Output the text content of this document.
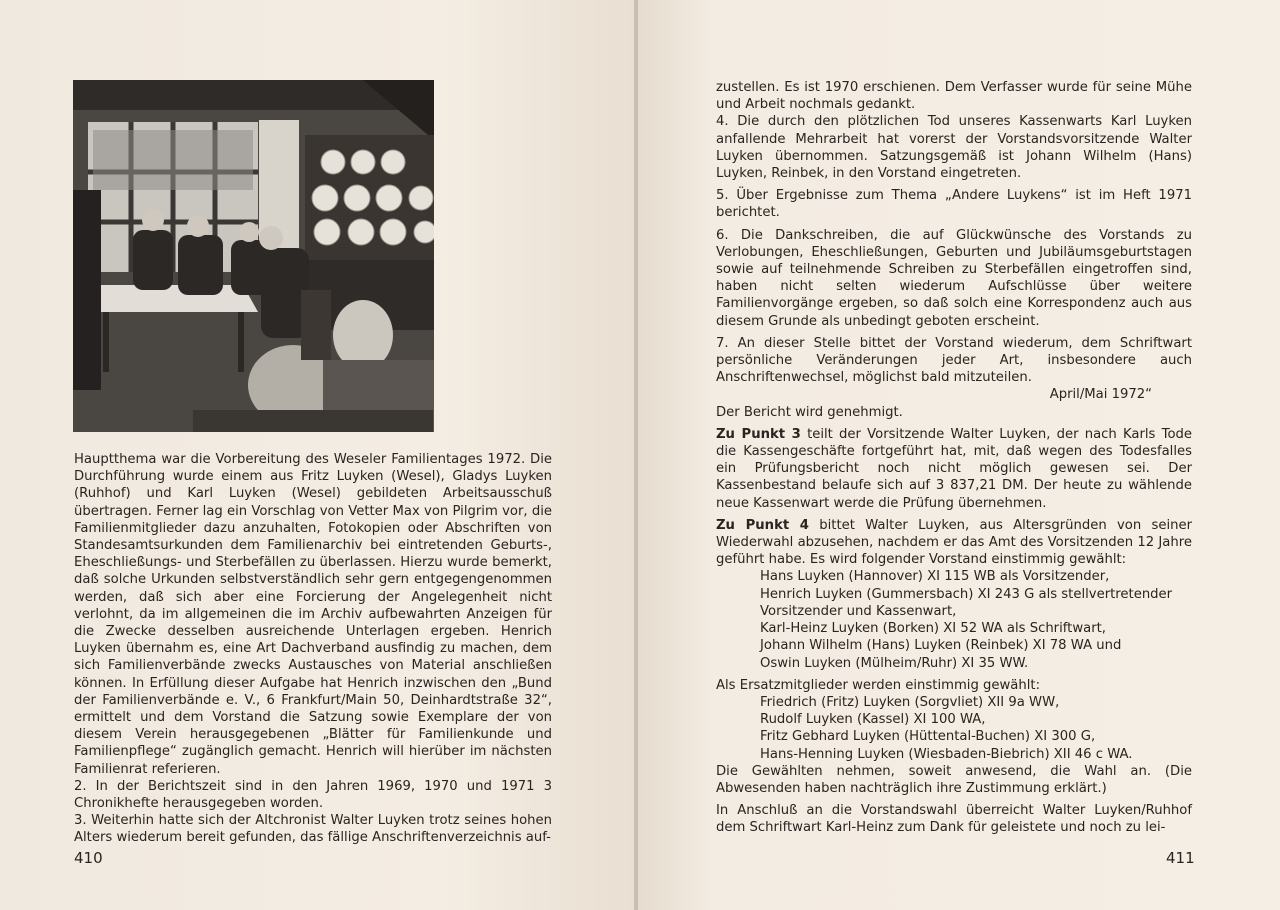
Hauptthema war die Vorbereitung des Weseler Familientages 1972. Die Durchführung wurde einem aus Fritz Luyken (Wesel), Gladys Luyken (Ruhhof) und Karl Luyken (Wesel) gebildeten Arbeitsausschuß übertragen. Ferner lag ein Vorschlag von Vetter Max von Pilgrim vor, die Familienmitglieder dazu anzuhalten, Fotokopien oder Abschriften von Standesamtsurkunden dem Familienarchiv bei eintretenden Geburts-, Eheschließungs- und Sterbefällen zu überlassen. Hierzu wurde bemerkt, daß solche Urkunden selbstverständlich sehr gern entgegengenommen werden, daß sich aber eine Forcierung der Angelegenheit nicht verlohnt, da im allgemeinen die im Archiv aufbewahrten Anzeigen für die Zwecke desselben ausreichende Unterlagen ergeben. Henrich Luyken übernahm es, eine Art Dachverband ausfindig zu machen, dem sich Familienverbände zwecks Austausches von Material anschließen können. In Erfüllung dieser Aufgabe hat Henrich inzwischen den „Bund der Familienverbände e. V., 6 Frankfurt/Main 50, Deinhardtstraße 32“, ermittelt und dem Vorstand die Satzung sowie Exemplare der von diesem Verein herausgegebenen „Blätter für Familienkunde und Familienpflege“ zugänglich gemacht. Henrich will hierüber im nächsten Familienrat referieren.

2. In der Berichtszeit sind in den Jahren 1969, 1970 und 1971 3 Chronikhefte herausgegeben worden.

3. Weiterhin hatte sich der Altchronist Walter Luyken trotz seines hohen Alters wiederum bereit gefunden, das fällige Anschriftenverzeichnis auf-

410

zustellen. Es ist 1970 erschienen. Dem Verfasser wurde für seine Mühe und Arbeit nochmals gedankt.

4. Die durch den plötzlichen Tod unseres Kassenwarts Karl Luyken anfallende Mehrarbeit hat vorerst der Vorstandsvorsitzende Walter Luyken übernommen. Satzungsgemäß ist Johann Wilhelm (Hans) Luyken, Reinbek, in den Vorstand eingetreten.

5. Über Ergebnisse zum Thema „Andere Luykens“ ist im Heft 1971 berichtet.

6. Die Dankschreiben, die auf Glückwünsche des Vorstands zu Verlobungen, Eheschließungen, Geburten und Jubiläumsgeburtstagen sowie auf teilnehmende Schreiben zu Sterbefällen eingetroffen sind, haben nicht selten wiederum Aufschlüsse über weitere Familienvorgänge ergeben, so daß solch eine Korrespondenz auch aus diesem Grunde als unbedingt geboten erscheint.

7. An dieser Stelle bittet der Vorstand wiederum, dem Schriftwart persönliche Veränderungen jeder Art, insbesondere auch Anschriftenwechsel, möglichst bald mitzuteilen.

April/Mai 1972“

Der Bericht wird genehmigt.

Zu Punkt 3 teilt der Vorsitzende Walter Luyken, der nach Karls Tode die Kassengeschäfte fortgeführt hat, mit, daß wegen des Todesfalles ein Prüfungsbericht noch nicht möglich gewesen sei. Der Kassenbestand belaufe sich auf 3 837,21 DM. Der heute zu wählende neue Kassenwart werde die Prüfung übernehmen.

Zu Punkt 4 bittet Walter Luyken, aus Altersgründen von seiner Wiederwahl abzusehen, nachdem er das Amt des Vorsitzenden 12 Jahre geführt habe. Es wird folgender Vorstand einstimmig gewählt:

Hans Luyken (Hannover) XI 115 WB als Vorsitzender,

Henrich Luyken (Gummersbach) XI 243 G als stellvertretender Vorsitzender und Kassenwart,

Karl-Heinz Luyken (Borken) XI 52 WA als Schriftwart,

Johann Wilhelm (Hans) Luyken (Reinbek) XI 78 WA und

Oswin Luyken (Mülheim/Ruhr) XI 35 WW.

Als Ersatzmitglieder werden einstimmig gewählt:

Friedrich (Fritz) Luyken (Sorgvliet) XII 9a WW,

Rudolf Luyken (Kassel) XI 100 WA,

Fritz Gebhard Luyken (Hüttental-Buchen) XI 300 G,

Hans-Henning Luyken (Wiesbaden-Biebrich) XII 46 c WA.

Die Gewählten nehmen, soweit anwesend, die Wahl an. (Die Abwesenden haben nachträglich ihre Zustimmung erklärt.)

In Anschluß an die Vorstandswahl überreicht Walter Luyken/Ruhhof dem Schriftwart Karl-Heinz zum Dank für geleistete und noch zu lei-

411
